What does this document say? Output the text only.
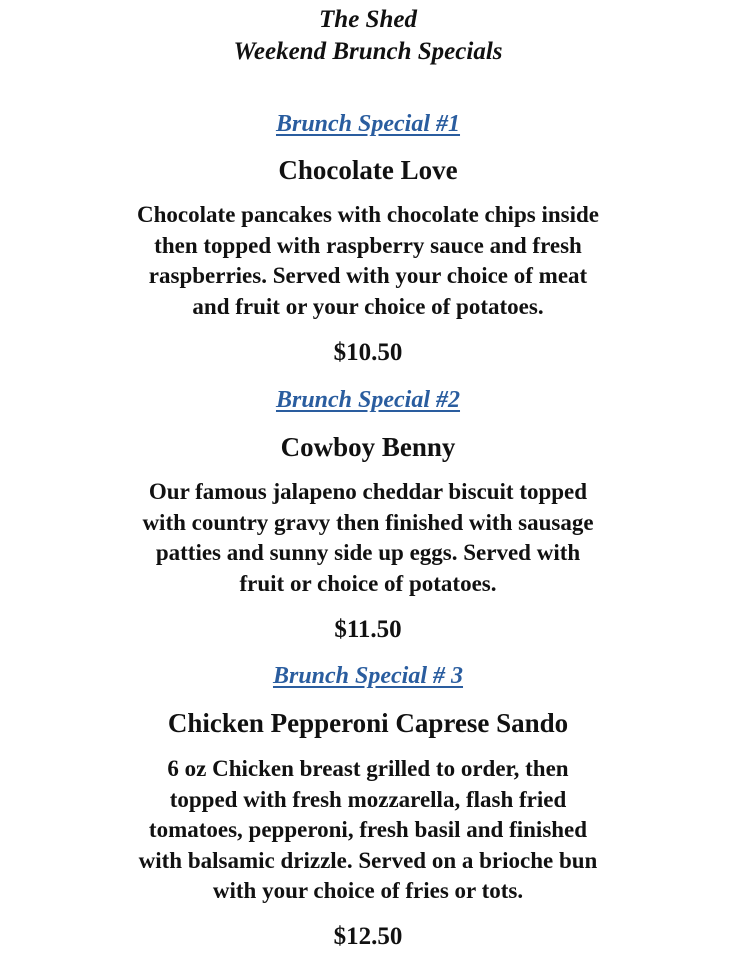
The Shed
Weekend Brunch Specials
Brunch Special #1
Chocolate Love
Chocolate pancakes with chocolate chips inside
then topped with raspberry sauce and fresh
raspberries. Served with your choice of meat
and fruit or your choice of potatoes.
$10.50
Brunch Special #2
Cowboy Benny
Our famous jalapeno cheddar biscuit topped
with country gravy then finished with sausage
patties and sunny side up eggs. Served with
fruit or choice of potatoes.
$11.50
Brunch Special # 3
Chicken Pepperoni Caprese Sando
6 oz Chicken breast grilled to order, then
topped with fresh mozzarella, flash fried
tomatoes, pepperoni, fresh basil and finished
with balsamic drizzle. Served on a brioche bun
with your choice of fries or tots.
$12.50
